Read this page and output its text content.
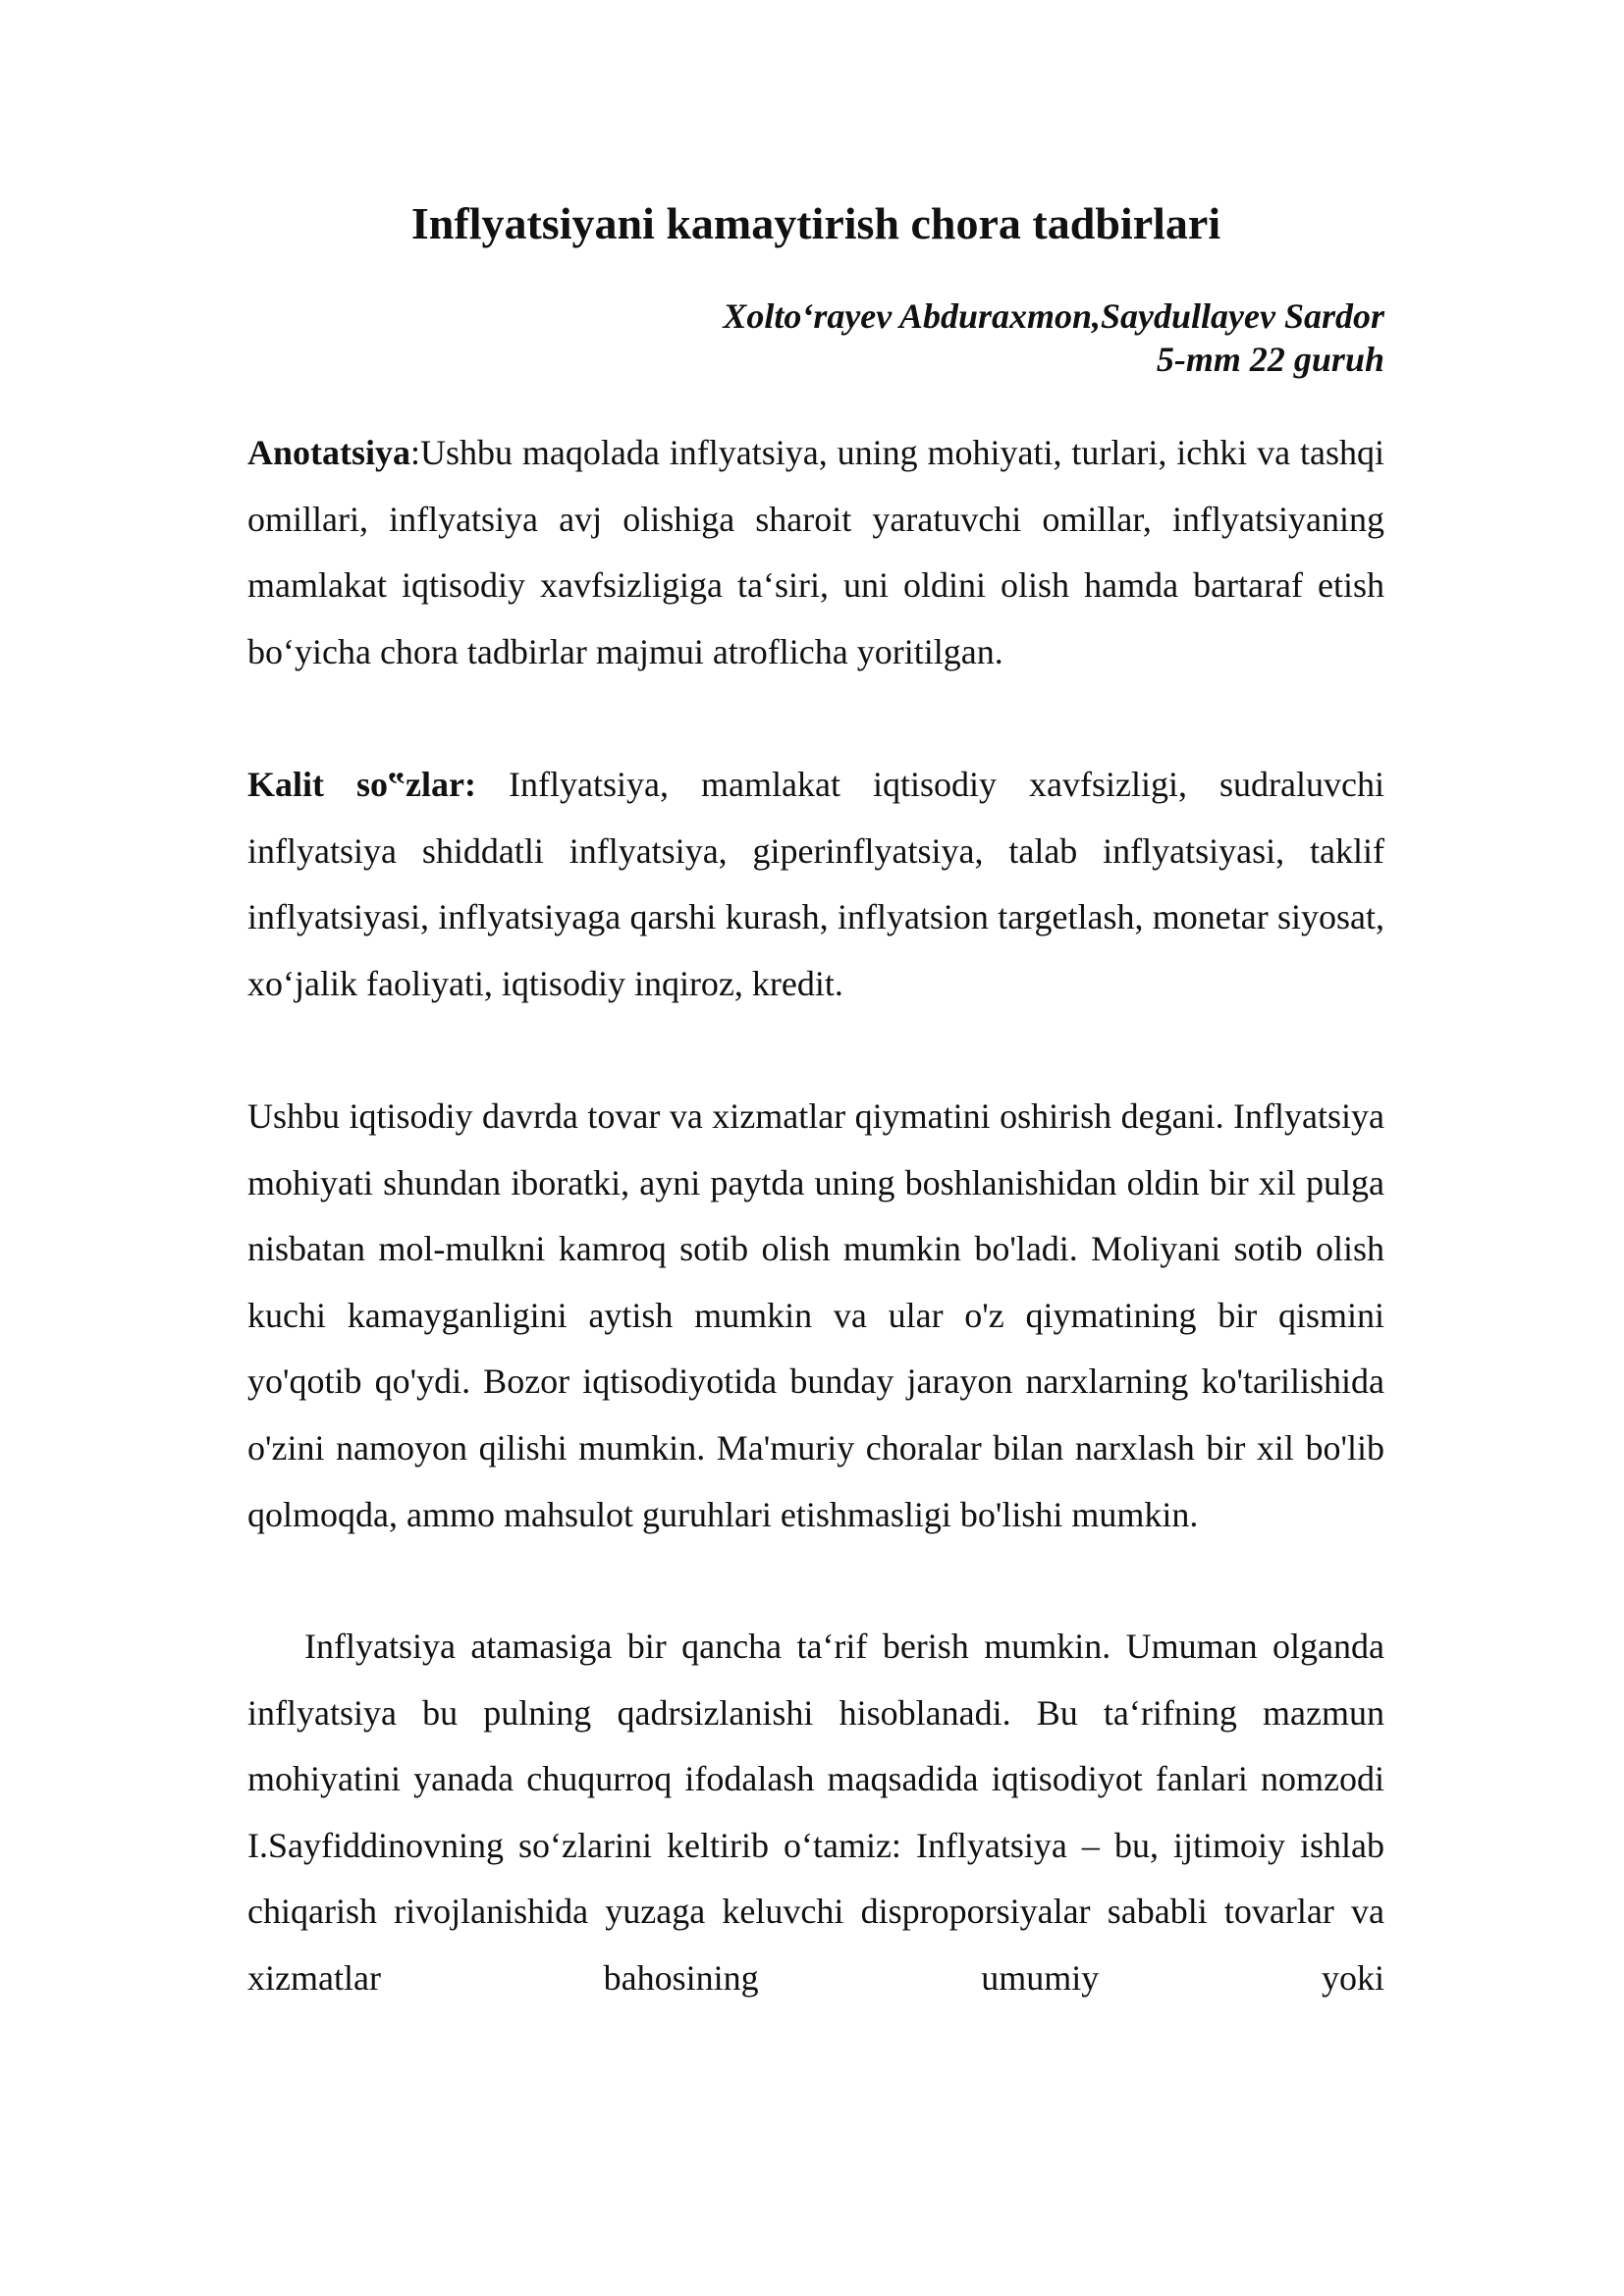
Inflyatsiyani kamaytirish chora tadbirlari
Xolto‘rayev Abduraxmon,Saydullayev Sardor
5-mm 22 guruh

Anotatsiya:Ushbu maqolada inflyatsiya, uning mohiyati, turlari, ichki va tashqi omillari, inflyatsiya avj olishiga sharoit yaratuvchi omillar, inflyatsiyaning mamlakat iqtisodiy xavfsizligiga ta‘siri, uni oldini olish hamda bartaraf etish bo‘yicha chora tadbirlar majmui atroflicha yoritilgan.

Kalit so‟zlar: Inflyatsiya, mamlakat iqtisodiy xavfsizligi, sudraluvchi inflyatsiya shiddatli inflyatsiya, giperinflyatsiya, talab inflyatsiyasi, taklif inflyatsiyasi, inflyatsiyaga qarshi kurash, inflyatsion targetlash, monetar siyosat, xo‘jalik faoliyati, iqtisodiy inqiroz, kredit.

Ushbu iqtisodiy davrda tovar va xizmatlar qiymatini oshirish degani. Inflyatsiya mohiyati shundan iboratki, ayni paytda uning boshlanishidan oldin bir xil pulga nisbatan mol-mulkni kamroq sotib olish mumkin bo'ladi. Moliyani sotib olish kuchi kamayganligini aytish mumkin va ular o'z qiymatining bir qismini yo'qotib qo'ydi. Bozor iqtisodiyotida bunday jarayon narxlarning ko'tarilishida o'zini namoyon qilishi mumkin. Ma'muriy choralar bilan narxlash bir xil bo'lib qolmoqda, ammo mahsulot guruhlari etishmasligi bo'lishi mumkin.

Inflyatsiya atamasiga bir qancha ta‘rif berish mumkin. Umuman olganda inflyatsiya bu pulning qadrsizlanishi hisoblanadi. Bu ta‘rifning mazmun mohiyatini yanada chuqurroq ifodalash maqsadida iqtisodiyot fanlari nomzodi I.Sayfiddinovning so‘zlarini keltirib o‘tamiz: Inflyatsiya – bu, ijtimoiy ishlab chiqarish rivojlanishida yuzaga keluvchi disproporsiyalar sababli tovarlar va xizmatlar bahosining umumiy yoki
